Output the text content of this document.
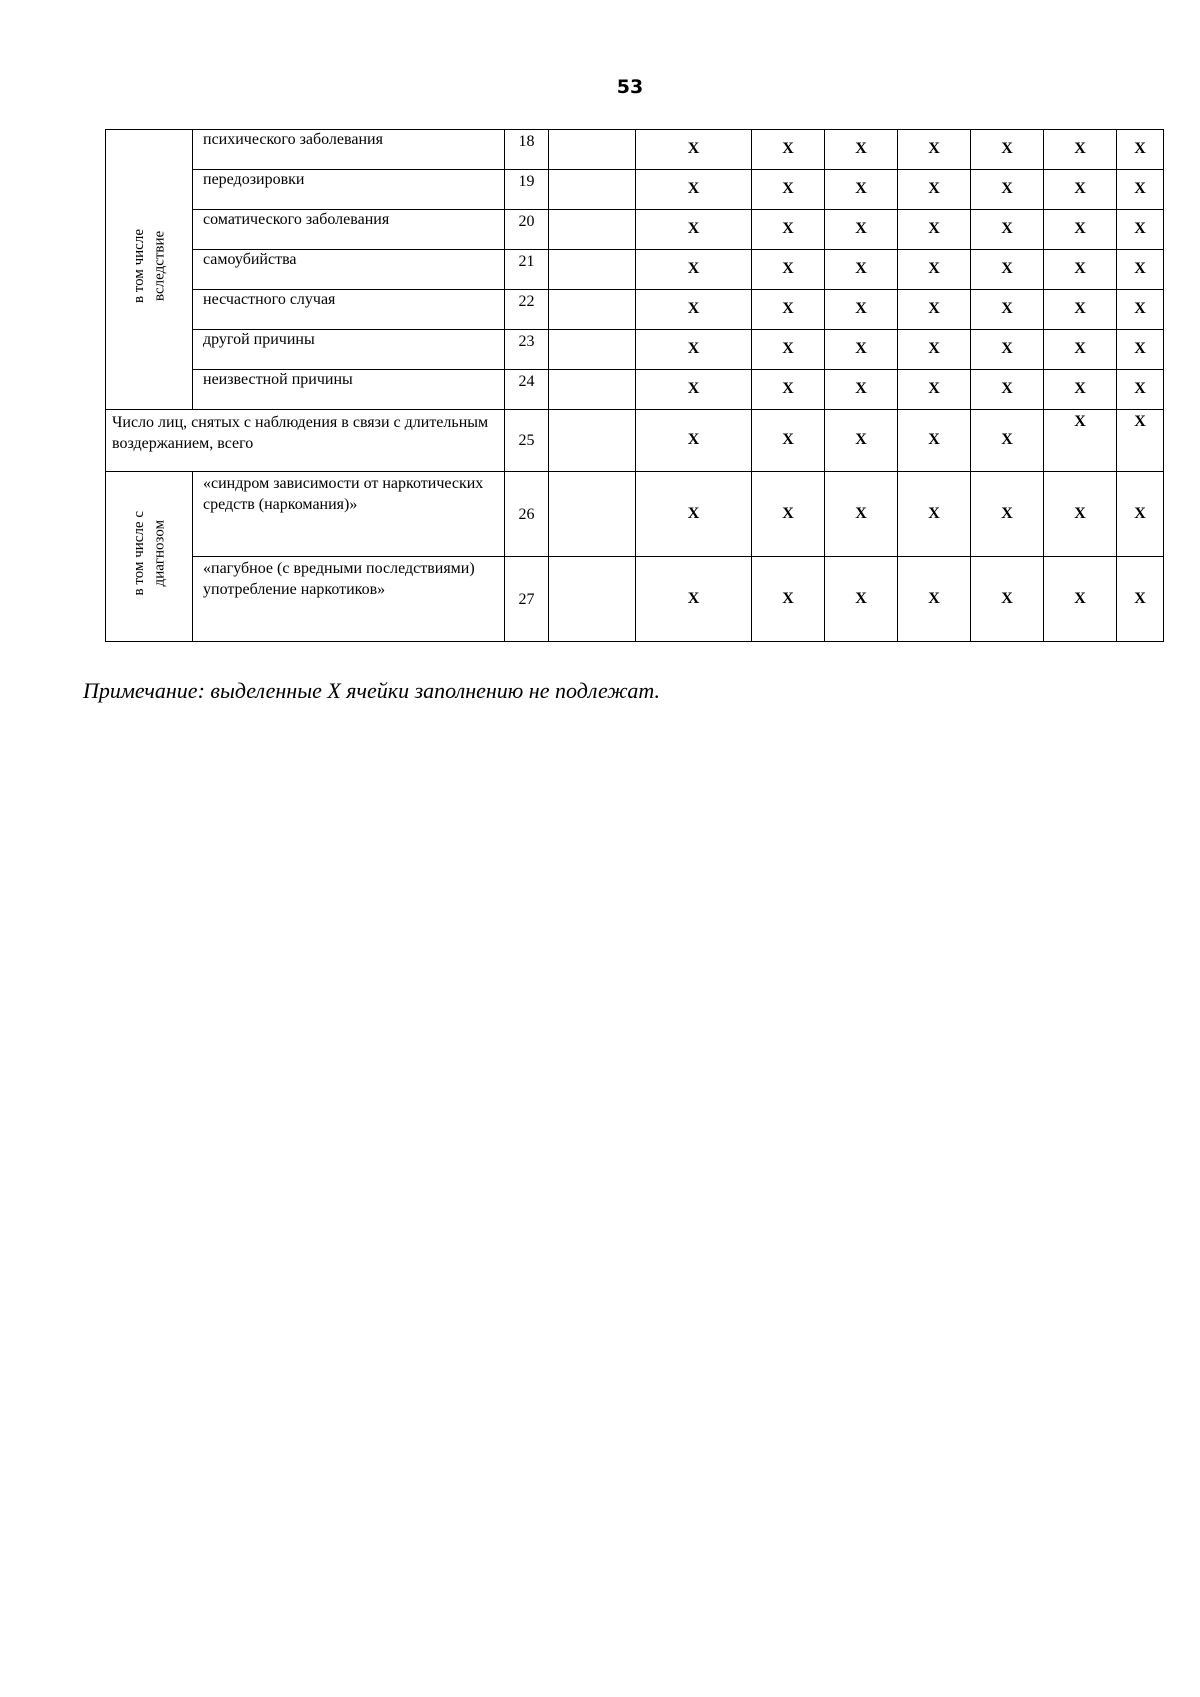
53
в том числе вследствие	психического заболевания	18		X	X	X	X	X	X	X
	передозировки	19		X	X	X	X	X	X	X
	соматического заболевания	20		X	X	X	X	X	X	X
	самоубийства	21		X	X	X	X	X	X	X
	несчастного случая	22		X	X	X	X	X	X	X
	другой причины	23		X	X	X	X	X	X	X
	неизвестной причины	24		X	X	X	X	X	X	X
Число лиц, снятых с наблюдения в связи с длительным воздержанием, всего		25		X	X	X	X	X	X	X
в том числе с диагнозом	«синдром зависимости от наркотических средств (наркомания)»	26		X	X	X	X	X	X	X
	«пагубное (с вредными последствиями) употребление наркотиков»	27		X	X	X	X	X	X	X
Примечание: выделенные X ячейки заполнению не подлежат.
